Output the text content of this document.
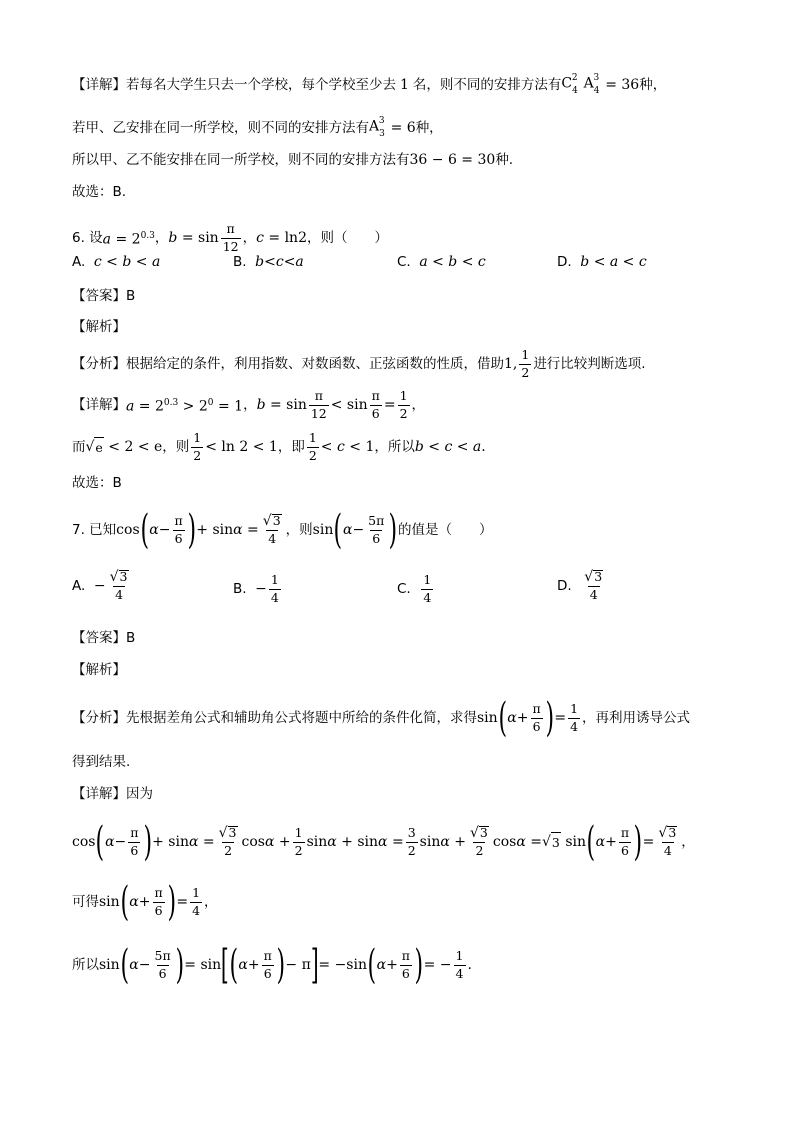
【详解】 若每名大学生只去一个学校，每个学校至少去 1 名，则不同的安排方法有 $C_4^2$ $A_4^3 = 36$ 种，
若甲、乙安排在同一所学校，则不同的安排方法有 $A_3^3 = 6$ 种，
所以甲、乙不能安排在同一所学校，则不同的安排方法有 36 − 6 = 30 种.
故选：B.
6. 设 $a = 2^{0.3}$ ， $b = \sin \frac{\pi}{12}$ ， c = ln2 ，则（　　）
A.
c < b < a	B.
b<c<a	C.
a < b < c	D.
b < a < c
【答案】 B
【解析】
【分析】 根据给定的条件，利用指数、对数函数、正弦函数的性质，借助 1, $\frac{1}{2}$ 进行比较判断选项.
【详解】 $a = 2^{0.3} > 2^0 = 1$ ， $b = \sin \frac{\pi}{12} < \sin \frac{\pi}{6} = \frac{1}{2}$ ，
而 √ e < 2 < e ，则 $\frac{1}{2} < \ln 2 < 1$ ，即 $\frac{1}{2} < c < 1$ ，所以 b < c < a .
故选：B
7. 已知 cos ( $\alpha - \frac{\pi}{6}$ ) + $\sin\alpha = \frac{√ 3}{4}$ ，则 sin ( $\alpha - \frac{5\pi}{6}$ ) 的值是（　　）
A.
− $\frac{√ 3}{4}$	B.
− $\frac{1}{4}$	C.
$\frac{1}{4}$	D.
$\frac{√ 3}{4}$
【答案】 B
【解析】
【分析】 先根据差角公式和辅助角公式将题中所给的条件化简，求得 sin ( $\alpha + \frac{\pi}{6}$ ) = $\frac{1}{4}$ ，再利用诱导公式
得到结果.
【详解】 因为
cos ( $\alpha - \frac{\pi}{6}$ ) + $\sin\alpha = \frac{√ 3}{2}$ $\cos\alpha + \frac{1}{2}$ $\sin\alpha + \sin\alpha = \frac{3}{2}$ $\sin\alpha + \frac{√ 3}{2}$ cosα = √ 3 sin ( $\alpha + \frac{\pi}{6}$ ) = $\frac{√ 3}{4}$ ，
可得 sin ( $\alpha + \frac{\pi}{6}$ ) = $\frac{1}{4}$ ，
所以 sin ( $\alpha - \frac{5\pi}{6}$ ) = sin [ ( $\alpha + \frac{\pi}{6}$ ) − π ] = −sin ( $\alpha + \frac{\pi}{6}$ ) = − $\frac{1}{4}$ .
